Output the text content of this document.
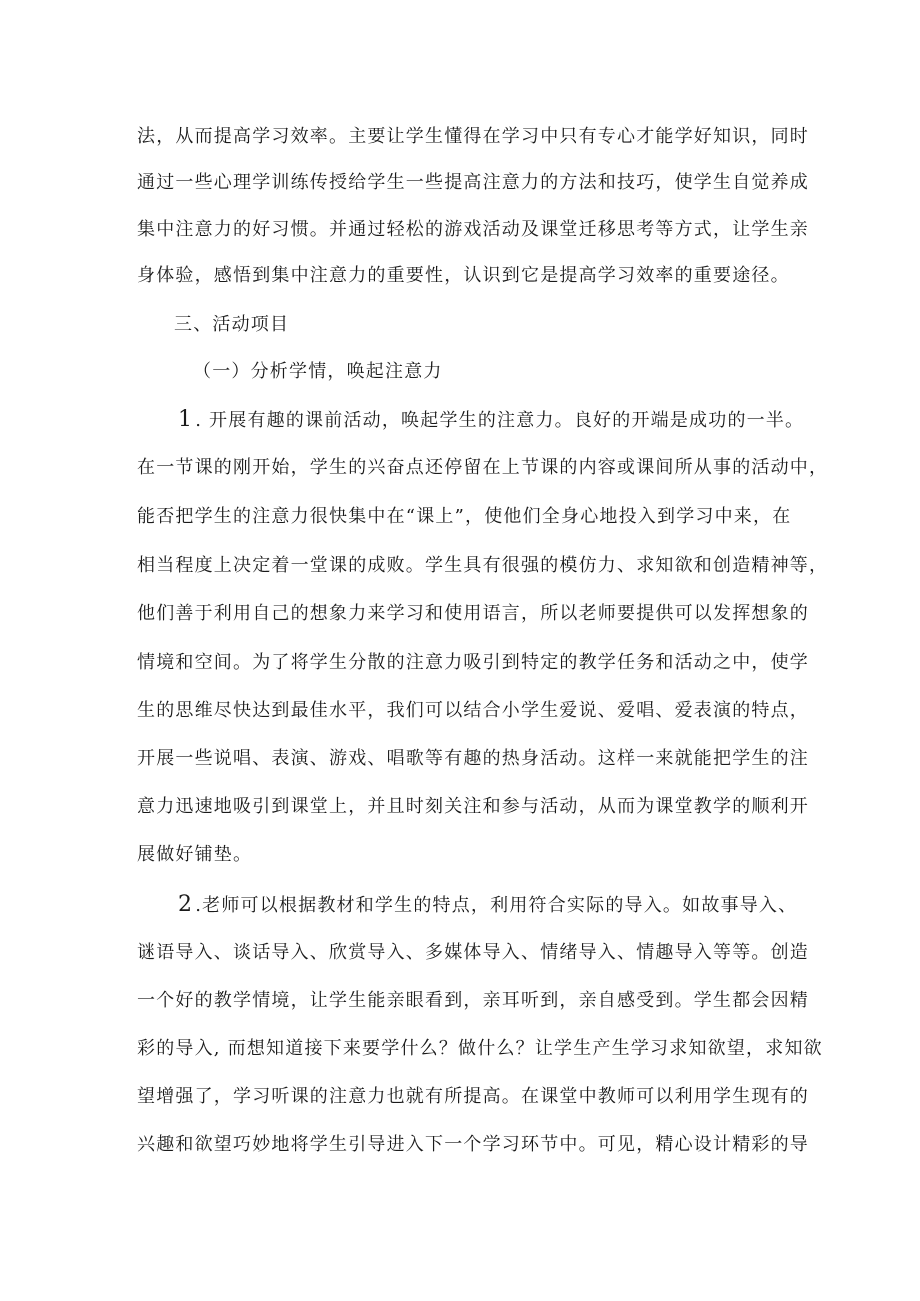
法，从而提高学习效率。主要让学生懂得在学习中只有专心才能学好知识，同时

通过一些心理学训练传授给学生一些提高注意力的方法和技巧，使学生自觉养成

集中注意力的好习惯。并通过轻松的游戏活动及课堂迁移思考等方式，让学生亲

身体验，感悟到集中注意力的重要性，认识到它是提高学习效率的重要途径。

三、活动项目

（一）分析学情，唤起注意力

1 . 开展有趣的课前活动，唤起学生的注意力。良好的开端是成功的一半。

在一节课的刚开始，学生的兴奋点还停留在上节课的内容或课间所从事的活动中，

能否把学生的注意力很快集中在“课上”，使他们全身心地投入到学习中来，在

相当程度上决定着一堂课的成败。学生具有很强的模仿力、求知欲和创造精神等，

他们善于利用自己的想象力来学习和使用语言，所以老师要提供可以发挥想象的

情境和空间。为了将学生分散的注意力吸引到特定的教学任务和活动之中，使学

生的思维尽快达到最佳水平，我们可以结合小学生爱说、爱唱、爱表演的特点，

开展一些说唱、表演、游戏、唱歌等有趣的热身活动。这样一来就能把学生的注

意力迅速地吸引到课堂上，并且时刻关注和参与活动，从而为课堂教学的顺利开

展做好铺垫。

2 .老师可以根据教材和学生的特点，利用符合实际的导入。如故事导入、

谜语导入、谈话导入、欣赏导入、多媒体导入、情绪导入、情趣导入等等。创造

一个好的教学情境，让学生能亲眼看到，亲耳听到，亲自感受到。学生都会因精

彩的导入, 而想知道接下来要学什么？做什么？让学生产生学习求知欲望，求知欲

望增强了，学习听课的注意力也就有所提高。在课堂中教师可以利用学生现有的

兴趣和欲望巧妙地将学生引导进入下一个学习环节中。可见，精心设计精彩的导
